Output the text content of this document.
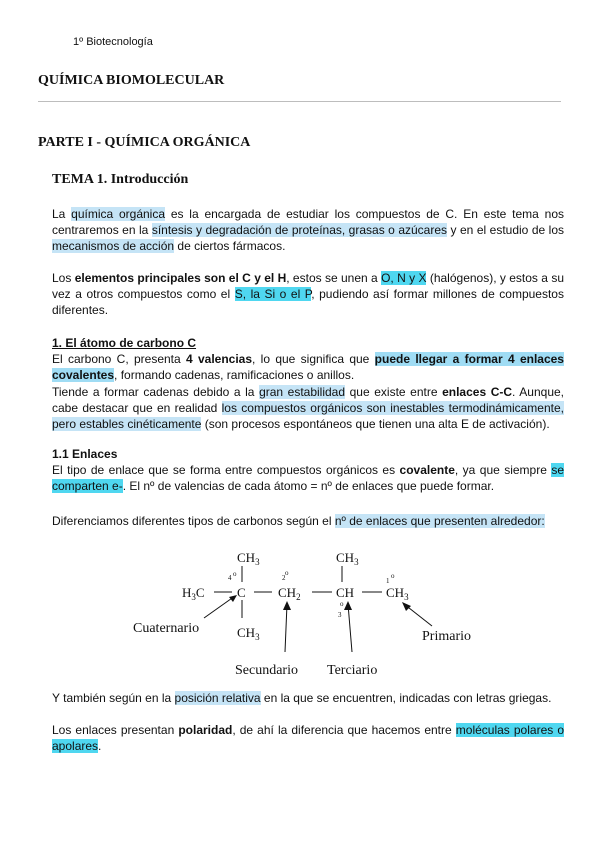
1º Biotecnología
QUÍMICA BIOMOLECULAR
PARTE I - QUÍMICA ORGÁNICA
TEMA 1. Introducción

La química orgánica es la encargada de estudiar los compuestos de C. En este tema nos centraremos en la síntesis y degradación de proteínas, grasas o azúcares y en el estudio de los mecanismos de acción de ciertos fármacos.

Los elementos principales son el C y el H, estos se unen a O, N y X (halógenos), y estos a su vez a otros compuestos como el S, la Si o el P, pudiendo así formar millones de compuestos diferentes.

1. El átomo de carbono C
El carbono C, presenta 4 valencias, lo que significa que puede llegar a formar 4 enlaces covalentes, formando cadenas, ramificaciones o anillos.
Tiende a formar cadenas debido a la gran estabilidad que existe entre enlaces C-C. Aunque, cabe destacar que en realidad los compuestos orgánicos son inestables termodinámicamente, pero estables cinéticamente (son procesos espontáneos que tienen una alta E de activación).

1.1 Enlaces
El tipo de enlace que se forma entre compuestos orgánicos es covalente, ya que siempre se comparten e-. El nº de valencias de cada átomo = nº de enlaces que puede formar.

Diferenciamos diferentes tipos de carbonos según el nº de enlaces que presenten alrededor:

$H_3C$ C $CH_2$	CH $CH_3$
$CH_3$
$CH_3$
$CH_3$
4 o	2
o
o
3
1
o
Cuaternario
Secundario Terciario
Primario

Y también según en la posición relativa en la que se encuentren, indicadas con letras griegas.

Los enlaces presentan polaridad, de ahí la diferencia que hacemos entre moléculas polares o apolares.
